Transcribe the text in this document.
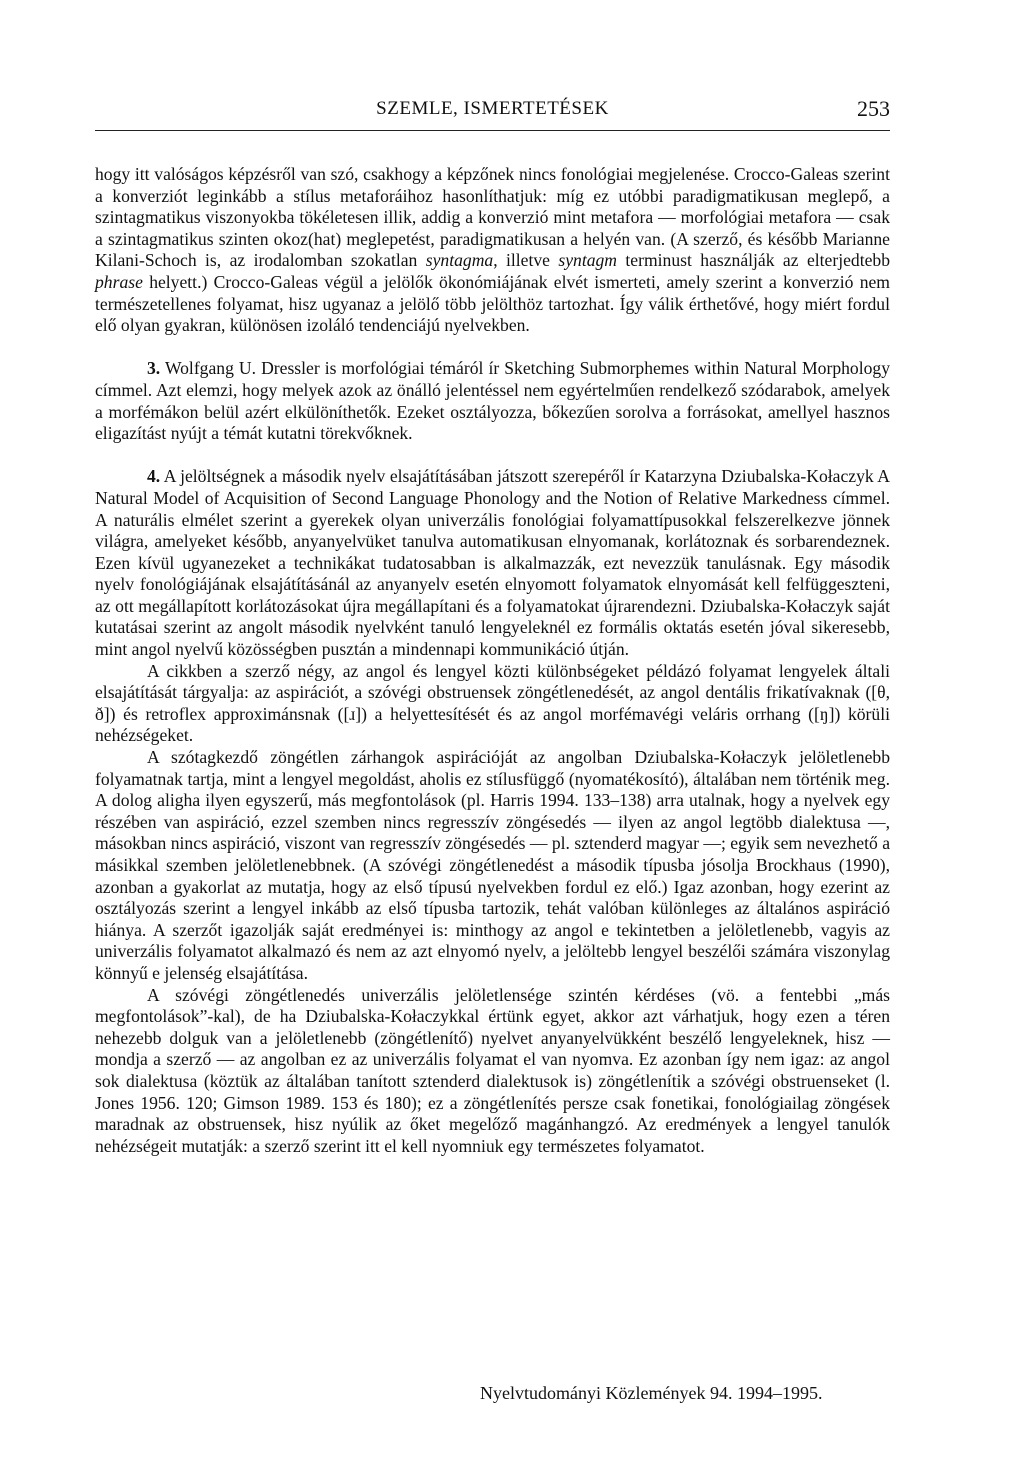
SZEMLE, ISMERTETÉSEK	253

hogy itt valóságos képzésről van szó, csakhogy a képzőnek nincs fonológiai megjelenése. Crocco-Galeas szerint a konverziót leginkább a stílus metaforáihoz hasonlíthatjuk: míg ez utóbbi paradigmatikusan meglepő, a szintagmatikus viszonyokba tökéletesen illik, addig a konverzió mint metafora — morfológiai metafora — csak a szintagmatikus szinten okoz(hat) meglepetést, paradigmatikusan a helyén van. (A szerző, és később Marianne Kilani-Schoch is, az irodalomban szokatlan syntagma, illetve syntagm terminust használják az elterjedtebb phrase helyett.) Crocco-Galeas végül a jelölők ökonómiájának elvét ismerteti, amely szerint a konverzió nem természetellenes folyamat, hisz ugyanaz a jelölő több jelölthöz tartozhat. Így válik érthetővé, hogy miért fordul elő olyan gyakran, különösen izoláló tendenciájú nyelvekben.

3. Wolfgang U. Dressler is morfológiai témáról ír Sketching Submorphemes within Natural Morphology címmel. Azt elemzi, hogy melyek azok az önálló jelentéssel nem egyértelműen rendelkező szódarabok, amelyek a morfémákon belül azért elkülöníthetők. Ezeket osztályozza, bőkezűen sorolva a forrásokat, amellyel hasznos eligazítást nyújt a témát kutatni törekvőknek.

4. A jelöltségnek a második nyelv elsajátításában játszott szerepéről ír Katarzyna Dziubalska-Kołaczyk A Natural Model of Acquisition of Second Language Phonology and the Notion of Relative Markedness címmel. A naturális elmélet szerint a gyerekek olyan univerzális fonológiai folyamattípusokkal felszerelkezve jönnek világra, amelyeket később, anyanyelvüket tanulva automatikusan elnyomanak, korlátoznak és sorbarendeznek. Ezen kívül ugyanezeket a technikákat tudatosabban is alkalmazzák, ezt nevezzük tanulásnak. Egy második nyelv fonológiájának elsajátításánál az anyanyelv esetén elnyomott folyamatok elnyomását kell felfüggeszteni, az ott megállapított korlátozásokat újra megállapítani és a folyamatokat újrarendezni. Dziubalska-Kołaczyk saját kutatásai szerint az angolt második nyelvként tanuló lengyeleknél ez formális oktatás esetén jóval sikeresebb, mint angol nyelvű közösségben pusztán a mindennapi kommunikáció útján.

A cikkben a szerző négy, az angol és lengyel közti különbségeket példázó folyamat lengyelek általi elsajátítását tárgyalja: az aspirációt, a szóvégi obstruensek zöngétlenedését, az angol dentális frikatívaknak ([θ, ð]) és retroflex approximánsnak ([ɹ]) a helyettesítését és az angol morfémavégi veláris orrhang ([ŋ]) körüli nehézségeket.

A szótagkezdő zöngétlen zárhangok aspirációját az angolban Dziubalska-Kołaczyk jelöletlenebb folyamatnak tartja, mint a lengyel megoldást, aholis ez stílusfüggő (nyomatékosító), általában nem történik meg. A dolog aligha ilyen egyszerű, más megfontolások (pl. Harris 1994. 133–138) arra utalnak, hogy a nyelvek egy részében van aspiráció, ezzel szemben nincs regresszív zöngésedés — ilyen az angol legtöbb dialektusa —, másokban nincs aspiráció, viszont van regresszív zöngésedés — pl. sztenderd magyar —; egyik sem nevezhető a másikkal szemben jelöletlenebbnek. (A szóvégi zöngétlenedést a második típusba jósolja Brockhaus (1990), azonban a gyakorlat az mutatja, hogy az első típusú nyelvekben fordul ez elő.) Igaz azonban, hogy ezerint az osztályozás szerint a lengyel inkább az első típusba tartozik, tehát valóban különleges az általános aspiráció hiánya. A szerzőt igazolják saját eredményei is: minthogy az angol e tekintetben a jelöletlenebb, vagyis az univerzális folyamatot alkalmazó és nem az azt elnyomó nyelv, a jelöltebb lengyel beszélői számára viszonylag könnyű e jelenség elsajátítása.

A szóvégi zöngétlenedés univerzális jelöletlensége szintén kérdéses (vö. a fentebbi „más megfontolások”-kal), de ha Dziubalska-Kołaczykkal értünk egyet, akkor azt várhatjuk, hogy ezen a téren nehezebb dolguk van a jelöletlenebb (zöngétlenítő) nyelvet anyanyelvükként beszélő lengyeleknek, hisz — mondja a szerző — az angolban ez az univerzális folyamat el van nyomva. Ez azonban így nem igaz: az angol sok dialektusa (köztük az általában tanított sztenderd dialektusok is) zöngétlenítik a szóvégi obstruenseket (l. Jones 1956. 120; Gimson 1989. 153 és 180); ez a zöngétlenítés persze csak fonetikai, fonológiailag zöngések maradnak az obstruensek, hisz nyúlik az őket megelőző magánhangzó. Az eredmények a lengyel tanulók nehézségeit mutatják: a szerző szerint itt el kell nyomniuk egy természetes folyamatot.

Nyelvtudományi Közlemények 94. 1994–1995.
